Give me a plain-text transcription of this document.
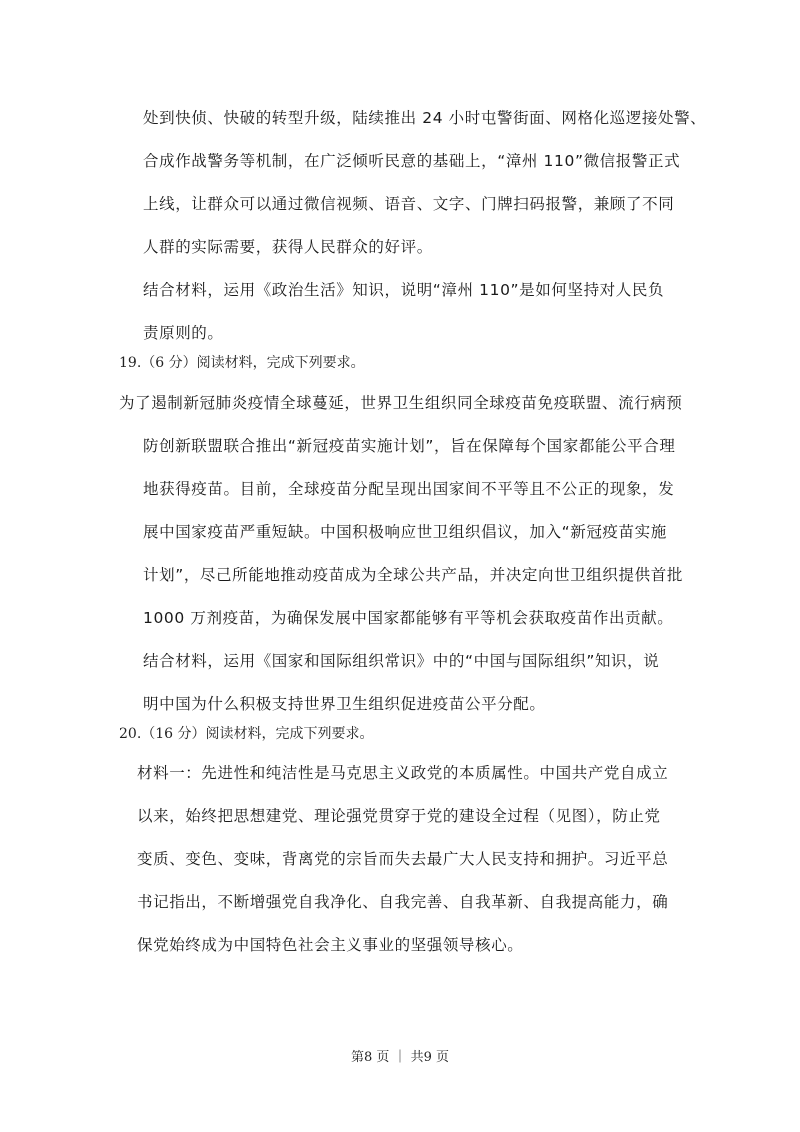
处到快侦、快破的转型升级，陆续推出 24 小时屯警街面、网格化巡逻接处警、
合成作战警务等机制，在广泛倾听民意的基础上，“漳州 110”微信报警正式
上线，让群众可以通过微信视频、语音、文字、门牌扫码报警，兼顾了不同
人群的实际需要，获得人民群众的好评。
结合材料，运用《政治生活》知识，说明“漳州 110”是如何坚持对人民负
责原则的。
19.（6 分）阅读材料，完成下列要求。
为了遏制新冠肺炎疫情全球蔓延，世界卫生组织同全球疫苗免疫联盟、流行病预
防创新联盟联合推出“新冠疫苗实施计划”，旨在保障每个国家都能公平合理
地获得疫苗。目前，全球疫苗分配呈现出国家间不平等且不公正的现象，发
展中国家疫苗严重短缺。中国积极响应世卫组织倡议，加入“新冠疫苗实施
计划”，尽己所能地推动疫苗成为全球公共产品，并决定向世卫组织提供首批
1000 万剂疫苗，为确保发展中国家都能够有平等机会获取疫苗作出贡献。
结合材料，运用《国家和国际组织常识》中的“中国与国际组织”知识，说
明中国为什么积极支持世界卫生组织促进疫苗公平分配。
20.（16 分）阅读材料，完成下列要求。
材料一：先进性和纯洁性是马克思主义政党的本质属性。中国共产党自成立
以来，始终把思想建党、理论强党贯穿于党的建设全过程（见图），防止党
变质、变色、变味，背离党的宗旨而失去最广大人民支持和拥护。习近平总
书记指出，不断增强党自我净化、自我完善、自我革新、自我提高能力，确
保党始终成为中国特色社会主义事业的坚强领导核心。
第8 页 ｜ 共9 页
